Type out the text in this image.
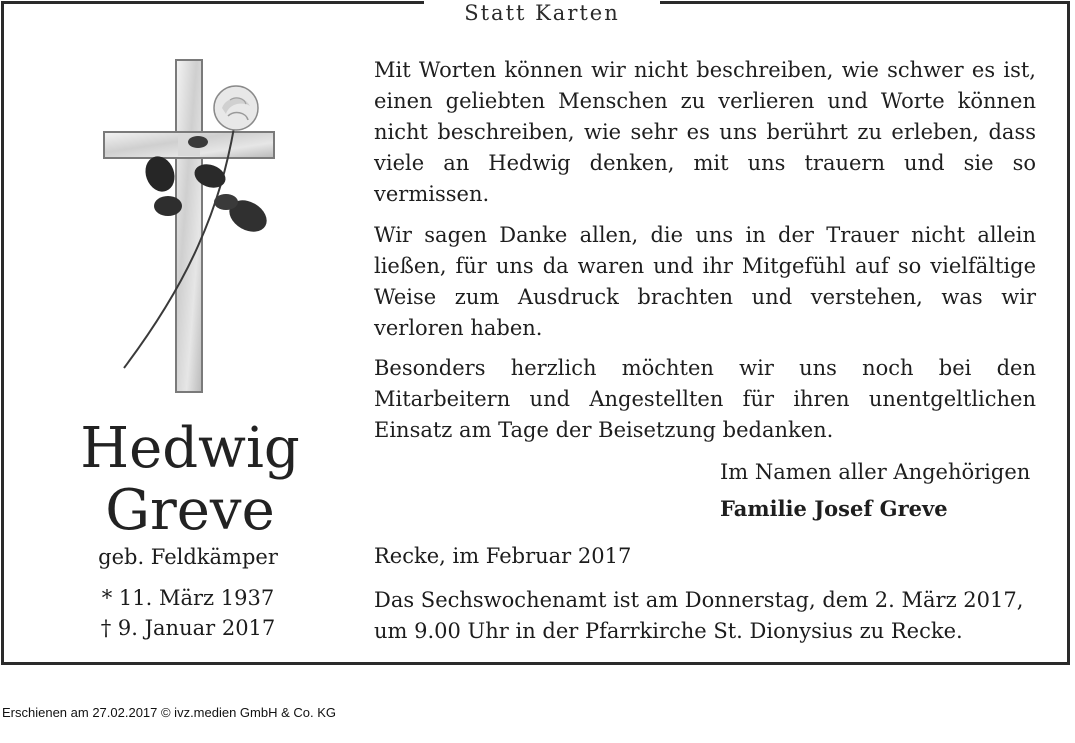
Statt Karten
Hedwig
Greve
geb. Feldkämper
* 11. März 1937
† 9. Januar 2017
Mit Worten können wir nicht beschreiben, wie schwer es ist, einen geliebten Menschen zu verlieren und Worte können nicht beschreiben, wie sehr es uns berührt zu erleben, dass viele an Hedwig denken, mit uns trauern und sie so vermissen.
Wir sagen Danke allen, die uns in der Trauer nicht allein ließen, für uns da waren und ihr Mitgefühl auf so vielfältige Weise zum Ausdruck brachten und verstehen, was wir verloren haben.
Besonders herzlich möchten wir uns noch bei den Mitarbeitern und Angestellten für ihren unentgeltlichen Einsatz am Tage der Beisetzung bedanken.
Im Namen aller Angehörigen
Familie Josef Greve
Recke, im Februar 2017
Das Sechswochenamt ist am Donnerstag, dem 2. März 2017, um 9.00 Uhr in der Pfarrkirche St. Dionysius zu Recke.
Erschienen am 27.02.2017 © ivz.medien GmbH & Co. KG
